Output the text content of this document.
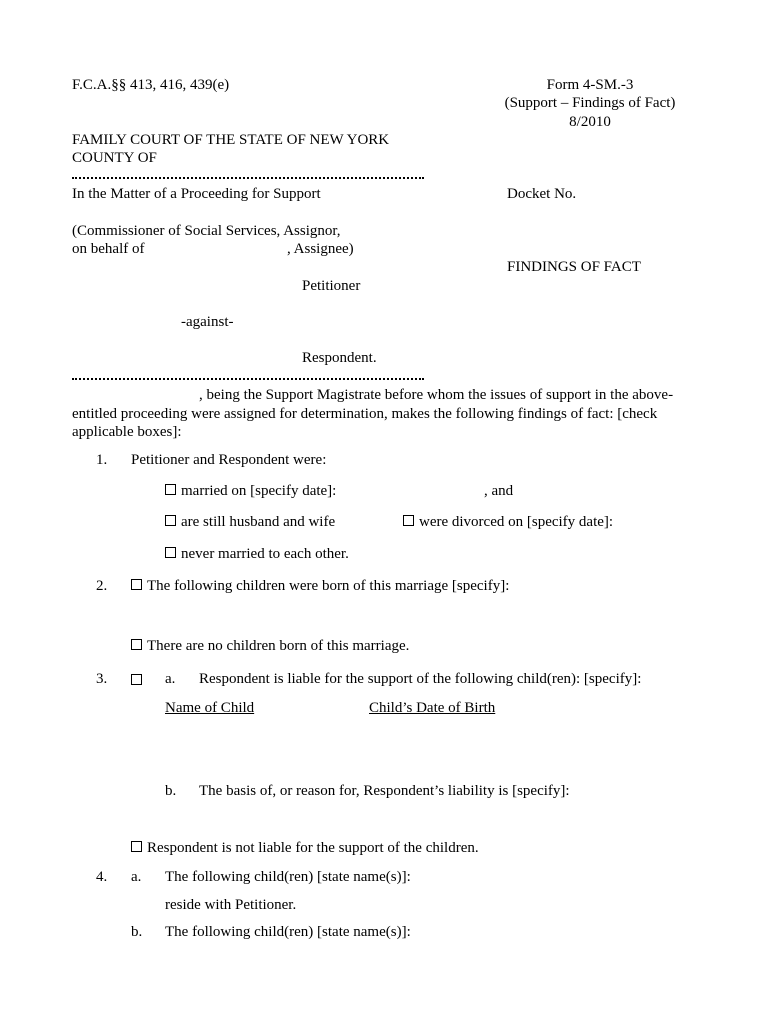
F.C.A.§§ 413, 416, 439(e)	Form 4-SM.-3
(Support – Findings of Fact)
8/2010
FAMILY COURT OF THE STATE OF NEW YORK
COUNTY OF
In the Matter of a Proceeding for Support	Docket No.
(Commissioner of Social Services, Assignor,
on behalf of	, Assignee)
FINDINGS OF FACT
Petitioner
-against-
Respondent.
, being the Support Magistrate before whom the issues of support in the above-
entitled proceeding were assigned for determination, makes the following findings of fact: [check
applicable boxes]:
1. Petitioner and Respondent were:
married on [specify date]:	, and
are still husband and wife	were divorced on [specify date]:
never married to each other.
2.	The following children were born of this marriage [specify]:
There are no children born of this marriage.
3.	a. Respondent is liable for the support of the following child(ren): [specify]:
Name of Child	Child’s Date of Birth
b. The basis of, or reason for, Respondent’s liability is [specify]:
Respondent is not liable for the support of the children.
4. a. The following child(ren) [state name(s)]:
reside with Petitioner.
b. The following child(ren) [state name(s)]:
